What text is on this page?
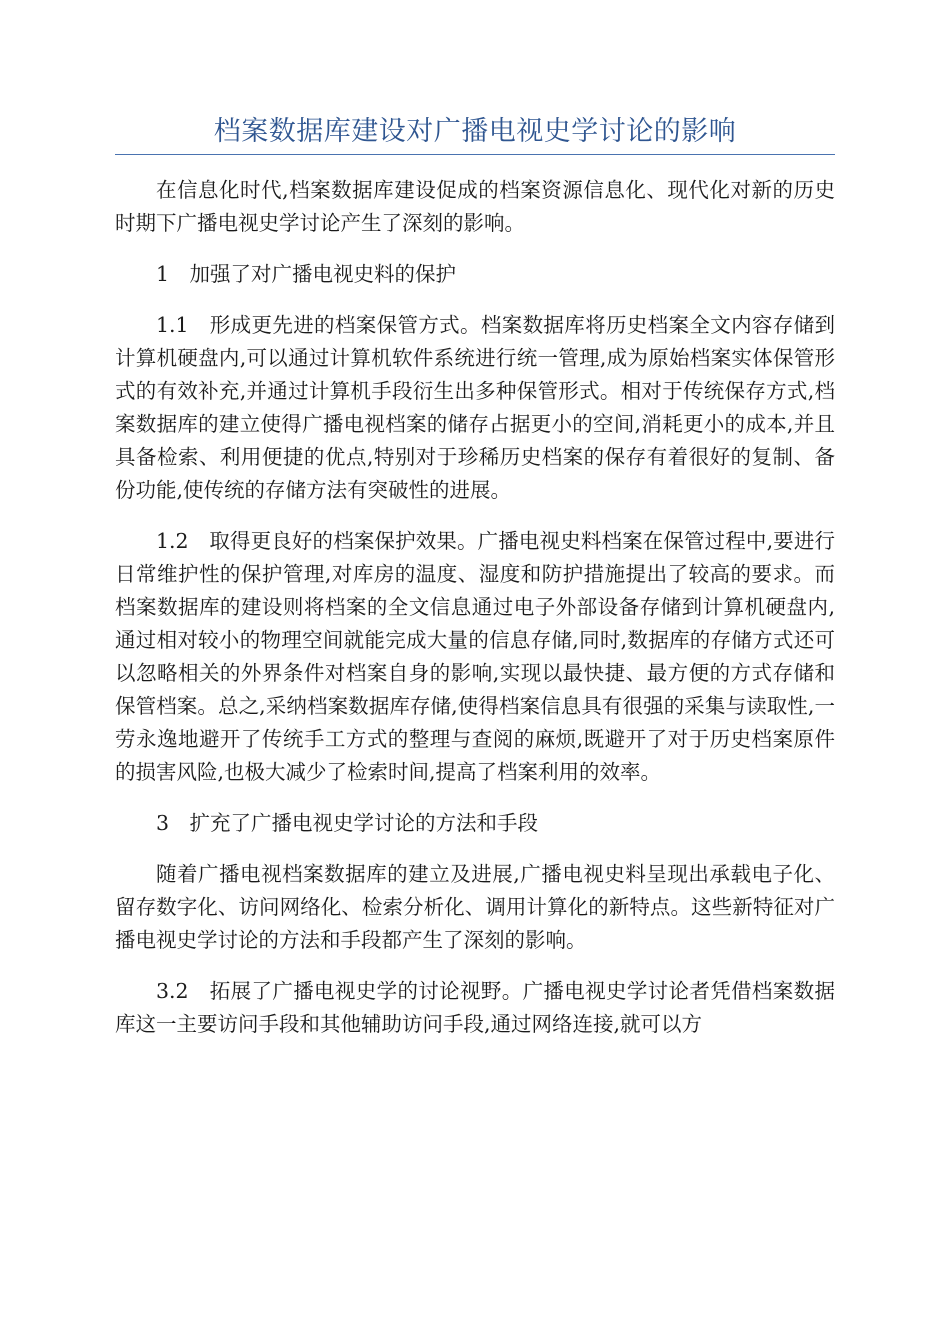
档案数据库建设对广播电视史学讨论的影响

在信息化时代,档案数据库建设促成的档案资源信息化、现代化对新的历史时期下广播电视史学讨论产生了深刻的影响。

1　加强了对广播电视史料的保护

1.1　形成更先进的档案保管方式。档案数据库将历史档案全文内容存储到计算机硬盘内,可以通过计算机软件系统进行统一管理,成为原始档案实体保管形式的有效补充,并通过计算机手段衍生出多种保管形式。相对于传统保存方式,档案数据库的建立使得广播电视档案的储存占据更小的空间,消耗更小的成本,并且具备检索、利用便捷的优点,特别对于珍稀历史档案的保存有着很好的复制、备份功能,使传统的存储方法有突破性的进展。

1.2　取得更良好的档案保护效果。广播电视史料档案在保管过程中,要进行日常维护性的保护管理,对库房的温度、湿度和防护措施提出了较高的要求。而档案数据库的建设则将档案的全文信息通过电子外部设备存储到计算机硬盘内,通过相对较小的物理空间就能完成大量的信息存储,同时,数据库的存储方式还可以忽略相关的外界条件对档案自身的影响,实现以最快捷、最方便的方式存储和保管档案。总之,采纳档案数据库存储,使得档案信息具有很强的采集与读取性,一劳永逸地避开了传统手工方式的整理与查阅的麻烦,既避开了对于历史档案原件的损害风险,也极大减少了检索时间,提高了档案利用的效率。

3　扩充了广播电视史学讨论的方法和手段

随着广播电视档案数据库的建立及进展,广播电视史料呈现出承载电子化、留存数字化、访问网络化、检索分析化、调用计算化的新特点。这些新特征对广播电视史学讨论的方法和手段都产生了深刻的影响。

3.2　拓展了广播电视史学的讨论视野。广播电视史学讨论者凭借档案数据库这一主要访问手段和其他辅助访问手段,通过网络连接,就可以方
